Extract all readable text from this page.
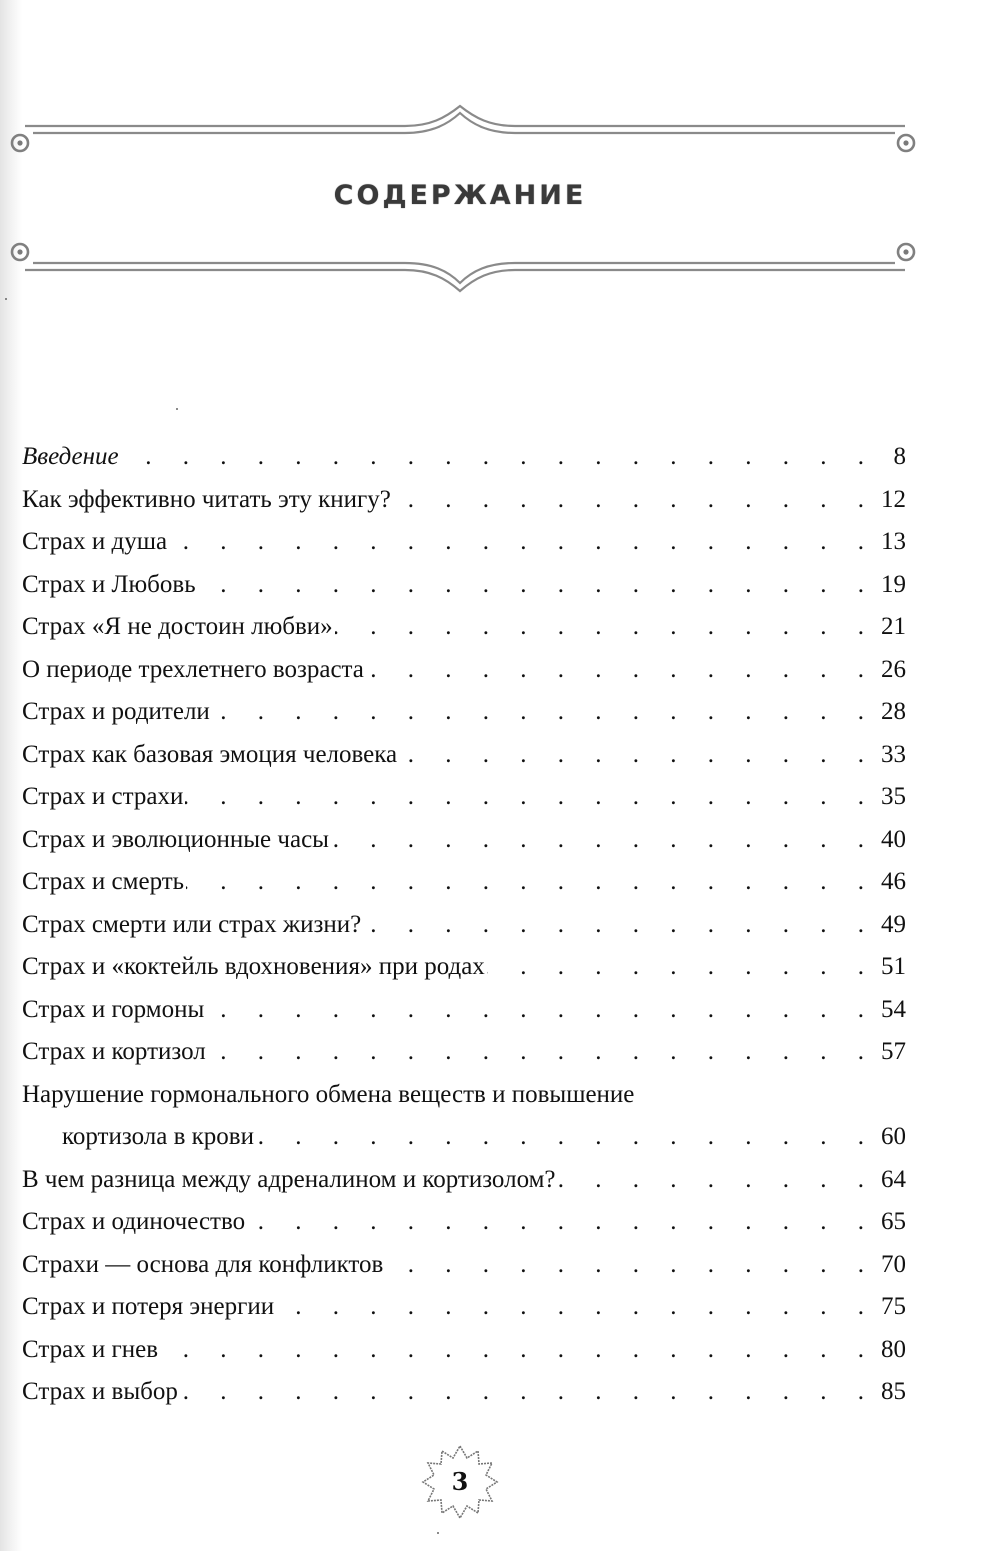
СОДЕРЖАНИЕ
Введение .  . 	8
Как эффективно читать эту книгу? .  . 	12
Страх и душа .  . 	13
Страх и Любовь .  . 	19
Страх «Я не достоин любви» .  . 	21
О периоде трехлетнего возраста .  . 	26
Страх и родители .  . 	28
Страх как базовая эмоция человека .  . 	33
Страх и страхи .  . 	35
Страх и эволюционные часы .  . 	40
Страх и смерть .  . 	46
Страх смерти или страх жизни? .  . 	49
Страх и «коктейль вдохновения» при родах .  . 	51
Страх и гормоны .  . 	54
Страх и кортизол .  . 	57
Нарушение гормонального обмена веществ и повышение
кортизола в крови .  . 	60
В чем разница между адреналином и кортизолом? .  . 	64
Страх и одиночество .  . 	65
Страхи — основа для конфликтов .  . 	70
Страх и потеря энергии .  . 	75
Страх и гнев .  . 	80
Страх и выбор .  . 	85
3
